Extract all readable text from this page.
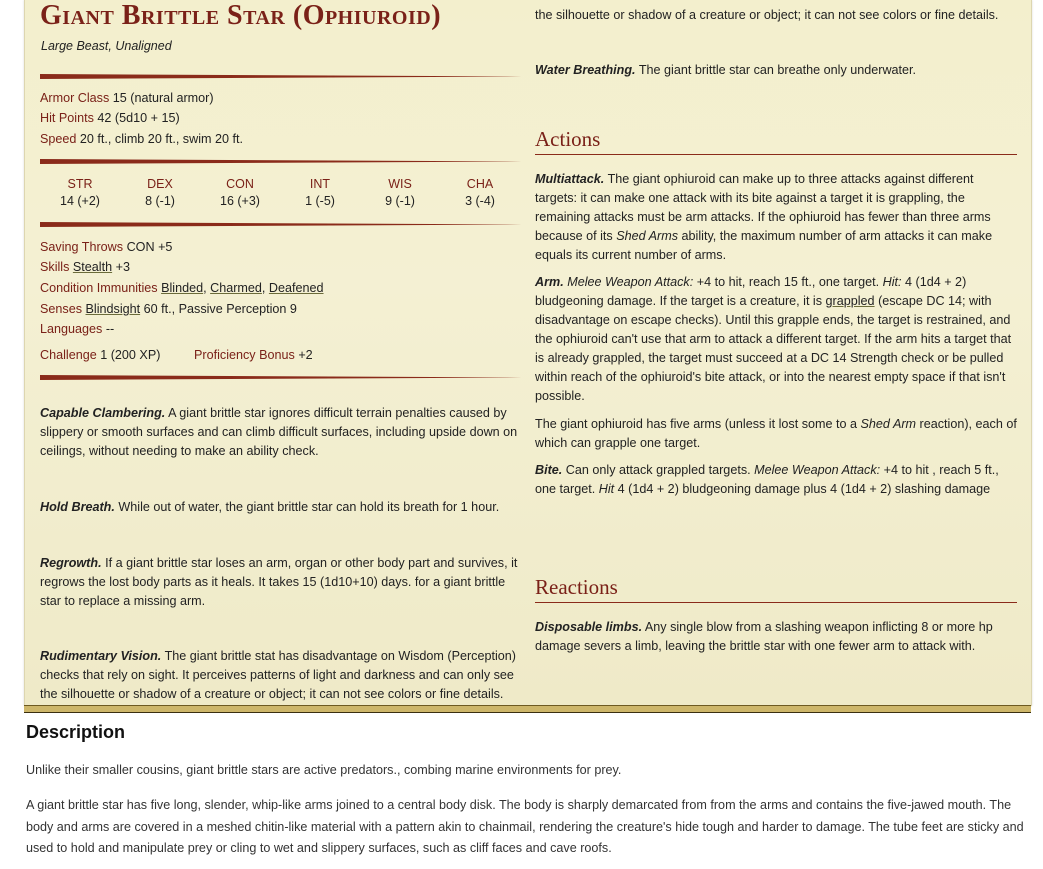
Giant Brittle Star (Ophiuroid)
Large Beast, Unaligned
Armor Class 15 (natural armor)
Hit Points 42 (5d10 + 15)
Speed 20 ft., climb 20 ft., swim 20 ft.
STR
14 (+2)
DEX
8 (-1)
CON
16 (+3)
INT
1 (-5)
WIS
9 (-1)
CHA
3 (-4)
Saving Throws CON +5
Skills Stealth +3
Condition Immunities Blinded, Charmed, Deafened
Senses Blindsight 60 ft., Passive Perception 9
Languages --
Challenge 1 (200 XP)	Proficiency Bonus +2
Capable Clambering. A giant brittle star ignores difficult terrain penalties caused by slippery or smooth surfaces and can climb difficult surfaces, including upside down on ceilings, without needing to make an ability check.
Hold Breath. While out of water, the giant brittle star can hold its breath for 1 hour.
Regrowth. If a giant brittle star loses an arm, organ or other body part and survives, it regrows the lost body parts as it heals. It takes 15 (1d10+10) days. for a giant brittle star to replace a missing arm.
Rudimentary Vision. The giant brittle stat has disadvantage on Wisdom (Perception) checks that rely on sight. It perceives patterns of light and darkness and can only see the silhouette or shadow of a creature or object; it can not see colors or fine details.
the silhouette or shadow of a creature or object; it can not see colors or fine details.
Water Breathing. The giant brittle star can breathe only underwater.
Actions
Multiattack. The giant ophiuroid can make up to three attacks against different targets: it can make one attack with its bite against a target it is grappling, the remaining attacks must be arm attacks. If the ophiuroid has fewer than three arms because of its Shed Arms ability, the maximum number of arm attacks it can make equals its current number of arms.
Arm. Melee Weapon Attack: +4 to hit, reach 15 ft., one target. Hit: 4 (1d4 + 2) bludgeoning damage. If the target is a creature, it is grappled (escape DC 14; with disadvantage on escape checks). Until this grapple ends, the target is restrained, and the ophiuroid can't use that arm to attack a different target. If the arm hits a target that is already grappled, the target must succeed at a DC 14 Strength check or be pulled within reach of the ophiuroid's bite attack, or into the nearest empty space if that isn't possible.
The giant ophiuroid has five arms (unless it lost some to a Shed Arm reaction), each of which can grapple one target.
Bite. Can only attack grappled targets. Melee Weapon Attack: +4 to hit , reach 5 ft., one target. Hit 4 (1d4 + 2) bludgeoning damage plus 4 (1d4 + 2) slashing damage
Reactions
Disposable limbs. Any single blow from a slashing weapon inflicting 8 or more hp damage severs a limb, leaving the brittle star with one fewer arm to attack with.
Description
Unlike their smaller cousins, giant brittle stars are active predators., combing marine environments for prey.
A giant brittle star has five long, slender, whip-like arms joined to a central body disk. The body is sharply demarcated from from the arms and contains the five-jawed mouth. The body and arms are covered in a meshed chitin-like material with a pattern akin to chainmail, rendering the creature's hide tough and harder to damage. The tube feet are sticky and used to hold and manipulate prey or cling to wet and slippery surfaces, such as cliff faces and cave roofs.
